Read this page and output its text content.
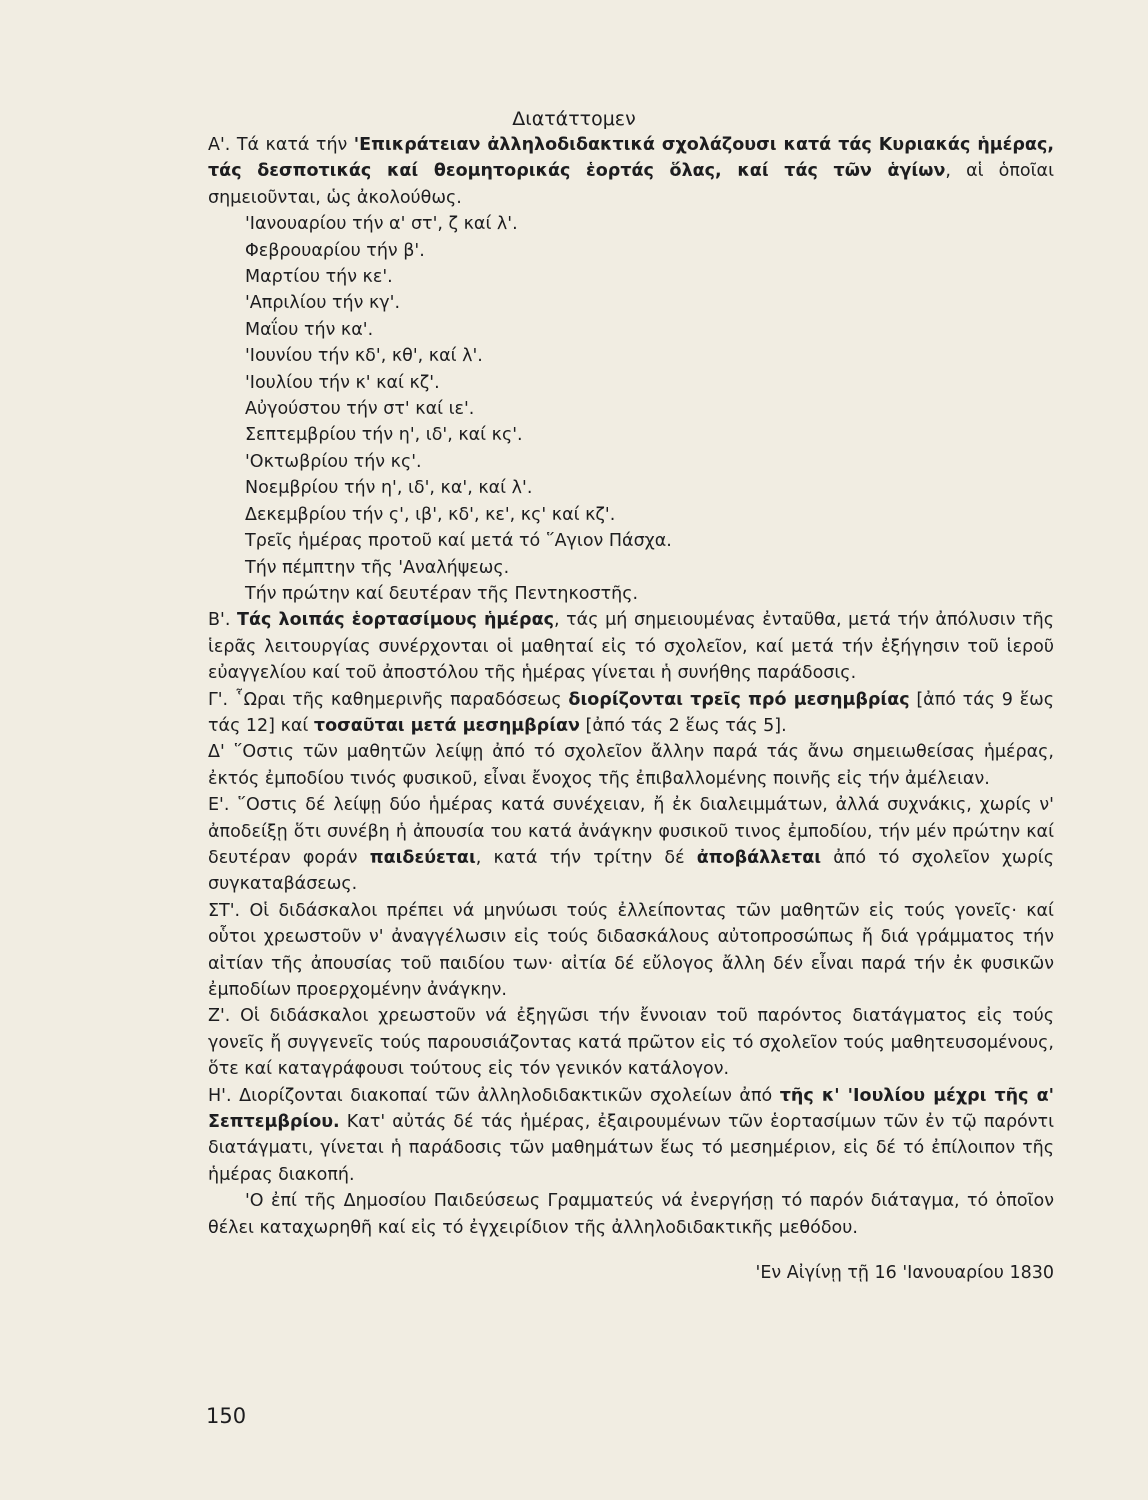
Διατάττομεν

Α'. Τά κατά τήν 'Επικράτειαν ἀλληλοδιδακτικά σχολάζουσι κατά τάς Κυριακάς ἡμέρας, τάς δεσποτικάς καί θεομητορικάς ἑορτάς ὅλας, καί τάς τῶν ἁγίων, αἱ ὁποῖαι σημειοῦνται, ὡς ἀκολούθως.

'Ιανουαρίου τήν α' στ', ζ καί λ'.
Φεβρουαρίου τήν β'.
Μαρτίου τήν κε'.
'Απριλίου τήν κγ'.
Μαΐου τήν κα'.
'Ιουνίου τήν κδ', κθ', καί λ'.
'Ιουλίου τήν κ' καί κζ'.
Αὐγούστου τήν στ' καί ιε'.
Σεπτεμβρίου τήν η', ιδ', καί κς'.
'Οκτωβρίου τήν κς'.
Νοεμβρίου τήν η', ιδ', κα', καί λ'.
Δεκεμβρίου τήν ς', ιβ', κδ', κε', κς' καί κζ'.
Τρεῖς ἡμέρας προτοῦ καί μετά τό ῞Αγιον Πάσχα.
Τήν πέμπτην τῆς 'Αναλήψεως.
Τήν πρώτην καί δευτέραν τῆς Πεντηκοστῆς.

Β'. Τάς λοιπάς ἑορτασίμους ἡμέρας, τάς μή σημειουμένας ἐνταῦθα, μετά τήν ἀπόλυσιν τῆς ἱερᾶς λειτουργίας συνέρχονται οἱ μαθηταί εἰς τό σχολεῖον, καί μετά τήν ἐξήγησιν τοῦ ἱεροῦ εὐαγγελίου καί τοῦ ἀποστόλου τῆς ἡμέρας γίνεται ἡ συνήθης παράδοσις.

Γ'. ῟Ωραι τῆς καθημερινῆς παραδόσεως διορίζονται τρεῖς πρό μεσημβρίας [ἀπό τάς 9 ἕως τάς 12] καί τοσαῦται μετά μεσημβρίαν [ἀπό τάς 2 ἕως τάς 5].

Δ' ῞Οστις τῶν μαθητῶν λείψῃ ἀπό τό σχολεῖον ἄλλην παρά τάς ἄνω σημειωθείσας ἡμέρας, ἐκτός ἐμποδίου τινός φυσικοῦ, εἶναι ἔνοχος τῆς ἐπιβαλλομένης ποινῆς εἰς τήν ἀμέλειαν.

Ε'. ῞Οστις δέ λείψῃ δύο ἡμέρας κατά συνέχειαν, ἤ ἐκ διαλειμμάτων, ἀλλά συχνάκις, χωρίς ν' ἀποδείξῃ ὅτι συνέβη ἡ ἀπουσία του κατά ἀνάγκην φυσικοῦ τινος ἐμποδίου, τήν μέν πρώτην καί δευτέραν φοράν παιδεύεται, κατά τήν τρίτην δέ ἀποβάλλεται ἀπό τό σχολεῖον χωρίς συγκαταβάσεως.

ΣΤ'. Οἱ διδάσκαλοι πρέπει νά μηνύωσι τούς ἐλλείποντας τῶν μαθητῶν εἰς τούς γονεῖς· καί οὗτοι χρεωστοῦν ν' ἀναγγέλωσιν εἰς τούς διδασκάλους αὐτοπροσώπως ἤ διά γράμματος τήν αἰτίαν τῆς ἀπουσίας τοῦ παιδίου των· αἰτία δέ εὔλογος ἄλλη δέν εἶναι παρά τήν ἐκ φυσικῶν ἐμποδίων προερχομένην ἀνάγκην.

Ζ'. Οἱ διδάσκαλοι χρεωστοῦν νά ἐξηγῶσι τήν ἔννοιαν τοῦ παρόντος διατάγματος εἰς τούς γονεῖς ἤ συγγενεῖς τούς παρουσιάζοντας κατά πρῶτον εἰς τό σχολεῖον τούς μαθητευσομένους, ὅτε καί καταγράφουσι τούτους εἰς τόν γενικόν κατάλογον.

Η'. Διορίζονται διακοπαί τῶν ἀλληλοδιδακτικῶν σχολείων ἀπό τῆς κ' 'Ιουλίου μέχρι τῆς α' Σεπτεμβρίου. Κατ' αὐτάς δέ τάς ἡμέρας, ἐξαιρουμένων τῶν ἑορτασίμων τῶν ἐν τῷ παρόντι διατάγματι, γίνεται ἡ παράδοσις τῶν μαθημάτων ἕως τό μεσημέριον, εἰς δέ τό ἐπίλοιπον τῆς ἡμέρας διακοπή.

'Ο ἐπί τῆς Δημοσίου Παιδεύσεως Γραμματεύς νά ἐνεργήσῃ τό παρόν διάταγμα, τό ὁποῖον θέλει καταχωρηθῆ καί εἰς τό ἐγχειρίδιον τῆς ἀλληλοδιδακτικῆς μεθόδου.

'Εν Αἰγίνῃ τῇ 16 'Ιανουαρίου 1830

150
